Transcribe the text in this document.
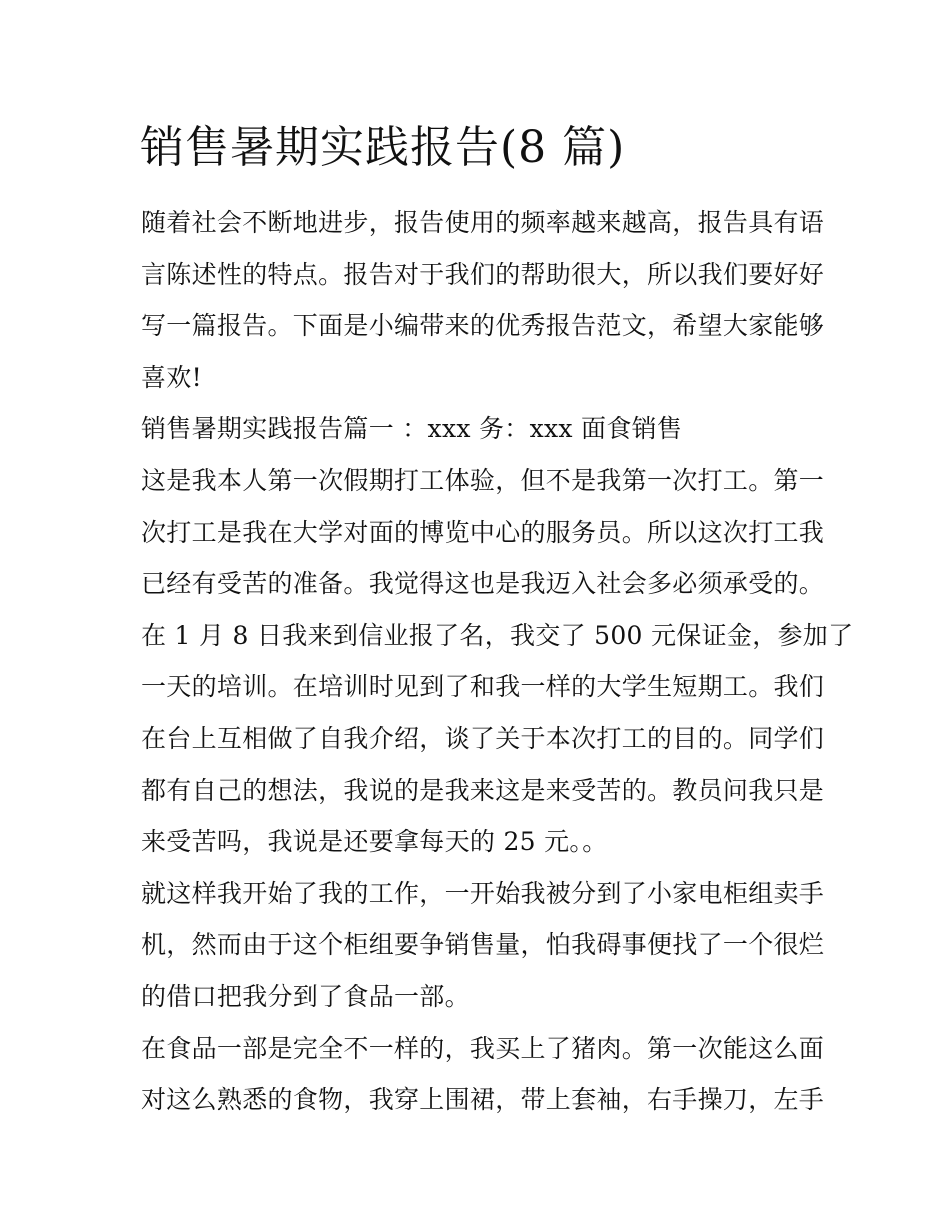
销售暑期实践报告(8 篇)
随着社会不断地进步，报告使用的频率越来越高，报告具有语
言陈述性的特点。报告对于我们的帮助很大，所以我们要好好
写一篇报告。下面是小编带来的优秀报告范文，希望大家能够
喜欢!
销售暑期实践报告篇一 ：xxx 务：xxx 面食销售
这是我本人第一次假期打工体验，但不是我第一次打工。第一
次打工是我在大学对面的博览中心的服务员。所以这次打工我
已经有受苦的准备。我觉得这也是我迈入社会多必须承受的。
在 1 月 8 日我来到信业报了名，我交了 500 元保证金，参加了
一天的培训。在培训时见到了和我一样的大学生短期工。我们
在台上互相做了自我介绍，谈了关于本次打工的目的。同学们
都有自己的想法，我说的是我来这是来受苦的。教员问我只是
来受苦吗，我说是还要拿每天的 25 元。。
就这样我开始了我的工作，一开始我被分到了小家电柜组卖手
机，然而由于这个柜组要争销售量，怕我碍事便找了一个很烂
的借口把我分到了食品一部。
在食品一部是完全不一样的，我买上了猪肉。第一次能这么面
对这么熟悉的食物，我穿上围裙，带上套袖，右手操刀，左手
